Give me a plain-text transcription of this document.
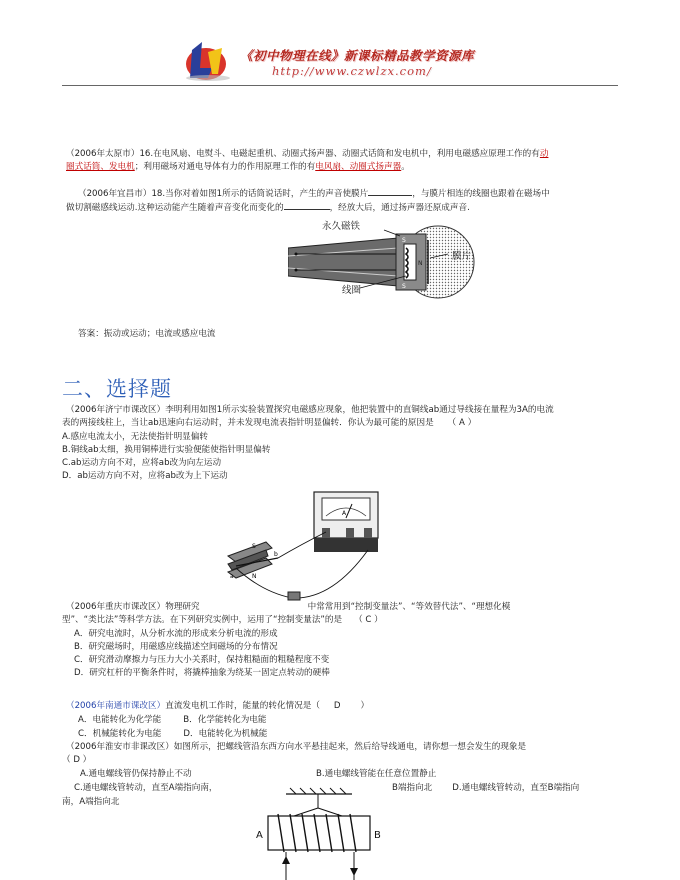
《初中物理在线》新课标精品教学资源库
http://www.czwlzx.com/
（2006年太原市）16.在电风扇、电熨斗、电磁起重机、动圈式扬声器、动圈式话筒和发电机中，利用电磁感应原理工作的有动
圈式话筒、发电机；利用磁场对通电导体有力的作用原理工作的有电风扇、动圈式扬声器。
（2006年宜昌市）18.当你对着如图1所示的话筒说话时，产生的声音使膜片	，与膜片相连的线圈也跟着在磁场中
做切割磁感线运动.这种运动能产生随着声音变化而变化的	，经放大后，通过扬声器还原成声音.
S
S
N
永久磁铁
膜片
线圈
答案：振动或运动；电流或感应电流
二、选择题
（2006年济宁市课改区）李明利用如图1所示实验装置探究电磁感应现象，他把装置中的直铜线ab通过导线接在量程为3A的电流
表的两接线柱上，当让ab迅速向右运动时，并未发现电流表指针明显偏转．你认为最可能的原因是 （ A ）
A.感应电流太小，无法使指针明显偏转
B.铜线ab太细，换用铜棒进行实验便能使指针明显偏转
C.ab运动方向不对，应将ab改为向左运动
D．ab运动方向不对，应将ab改为上下运动
A
S
N
a
b
（2006年重庆市课改区）物理研究	中常常用到“控制变量法”、“等效替代法”、“理想化模
型”、“类比法”等科学方法。在下列研究实例中，运用了“控制变量法”的是 （ C ）
A．研究电流时，从分析水流的形成来分析电流的形成
B．研究磁场时，用磁感应线描述空间磁场的分布情况
C．研究滑动摩擦力与压力大小关系时，保持粗糙面的粗糙程度不变
D．研究杠杆的平衡条件时，将撬棒抽象为绕某一固定点转动的硬棒
（2006年南通市课改区）直流发电机工作时，能量的转化情况是（ D ）
A．电能转化为化学能	B．化学能转化为电能
C．机械能转化为电能	D．电能转化为机械能
（2006年淮安市非课改区）如图所示，把螺线管沿东西方向水平悬挂起来，然后给导线通电，请你想一想会发生的现象是
（ D ）
A.通电螺线管仍保持静止不动	B.通电螺线管能在任意位置静止
C.通电螺线管转动，直至A端指向南，	B端指向北 D.通电螺线管转动，直至B端指向
南，A端指向北
A	B
